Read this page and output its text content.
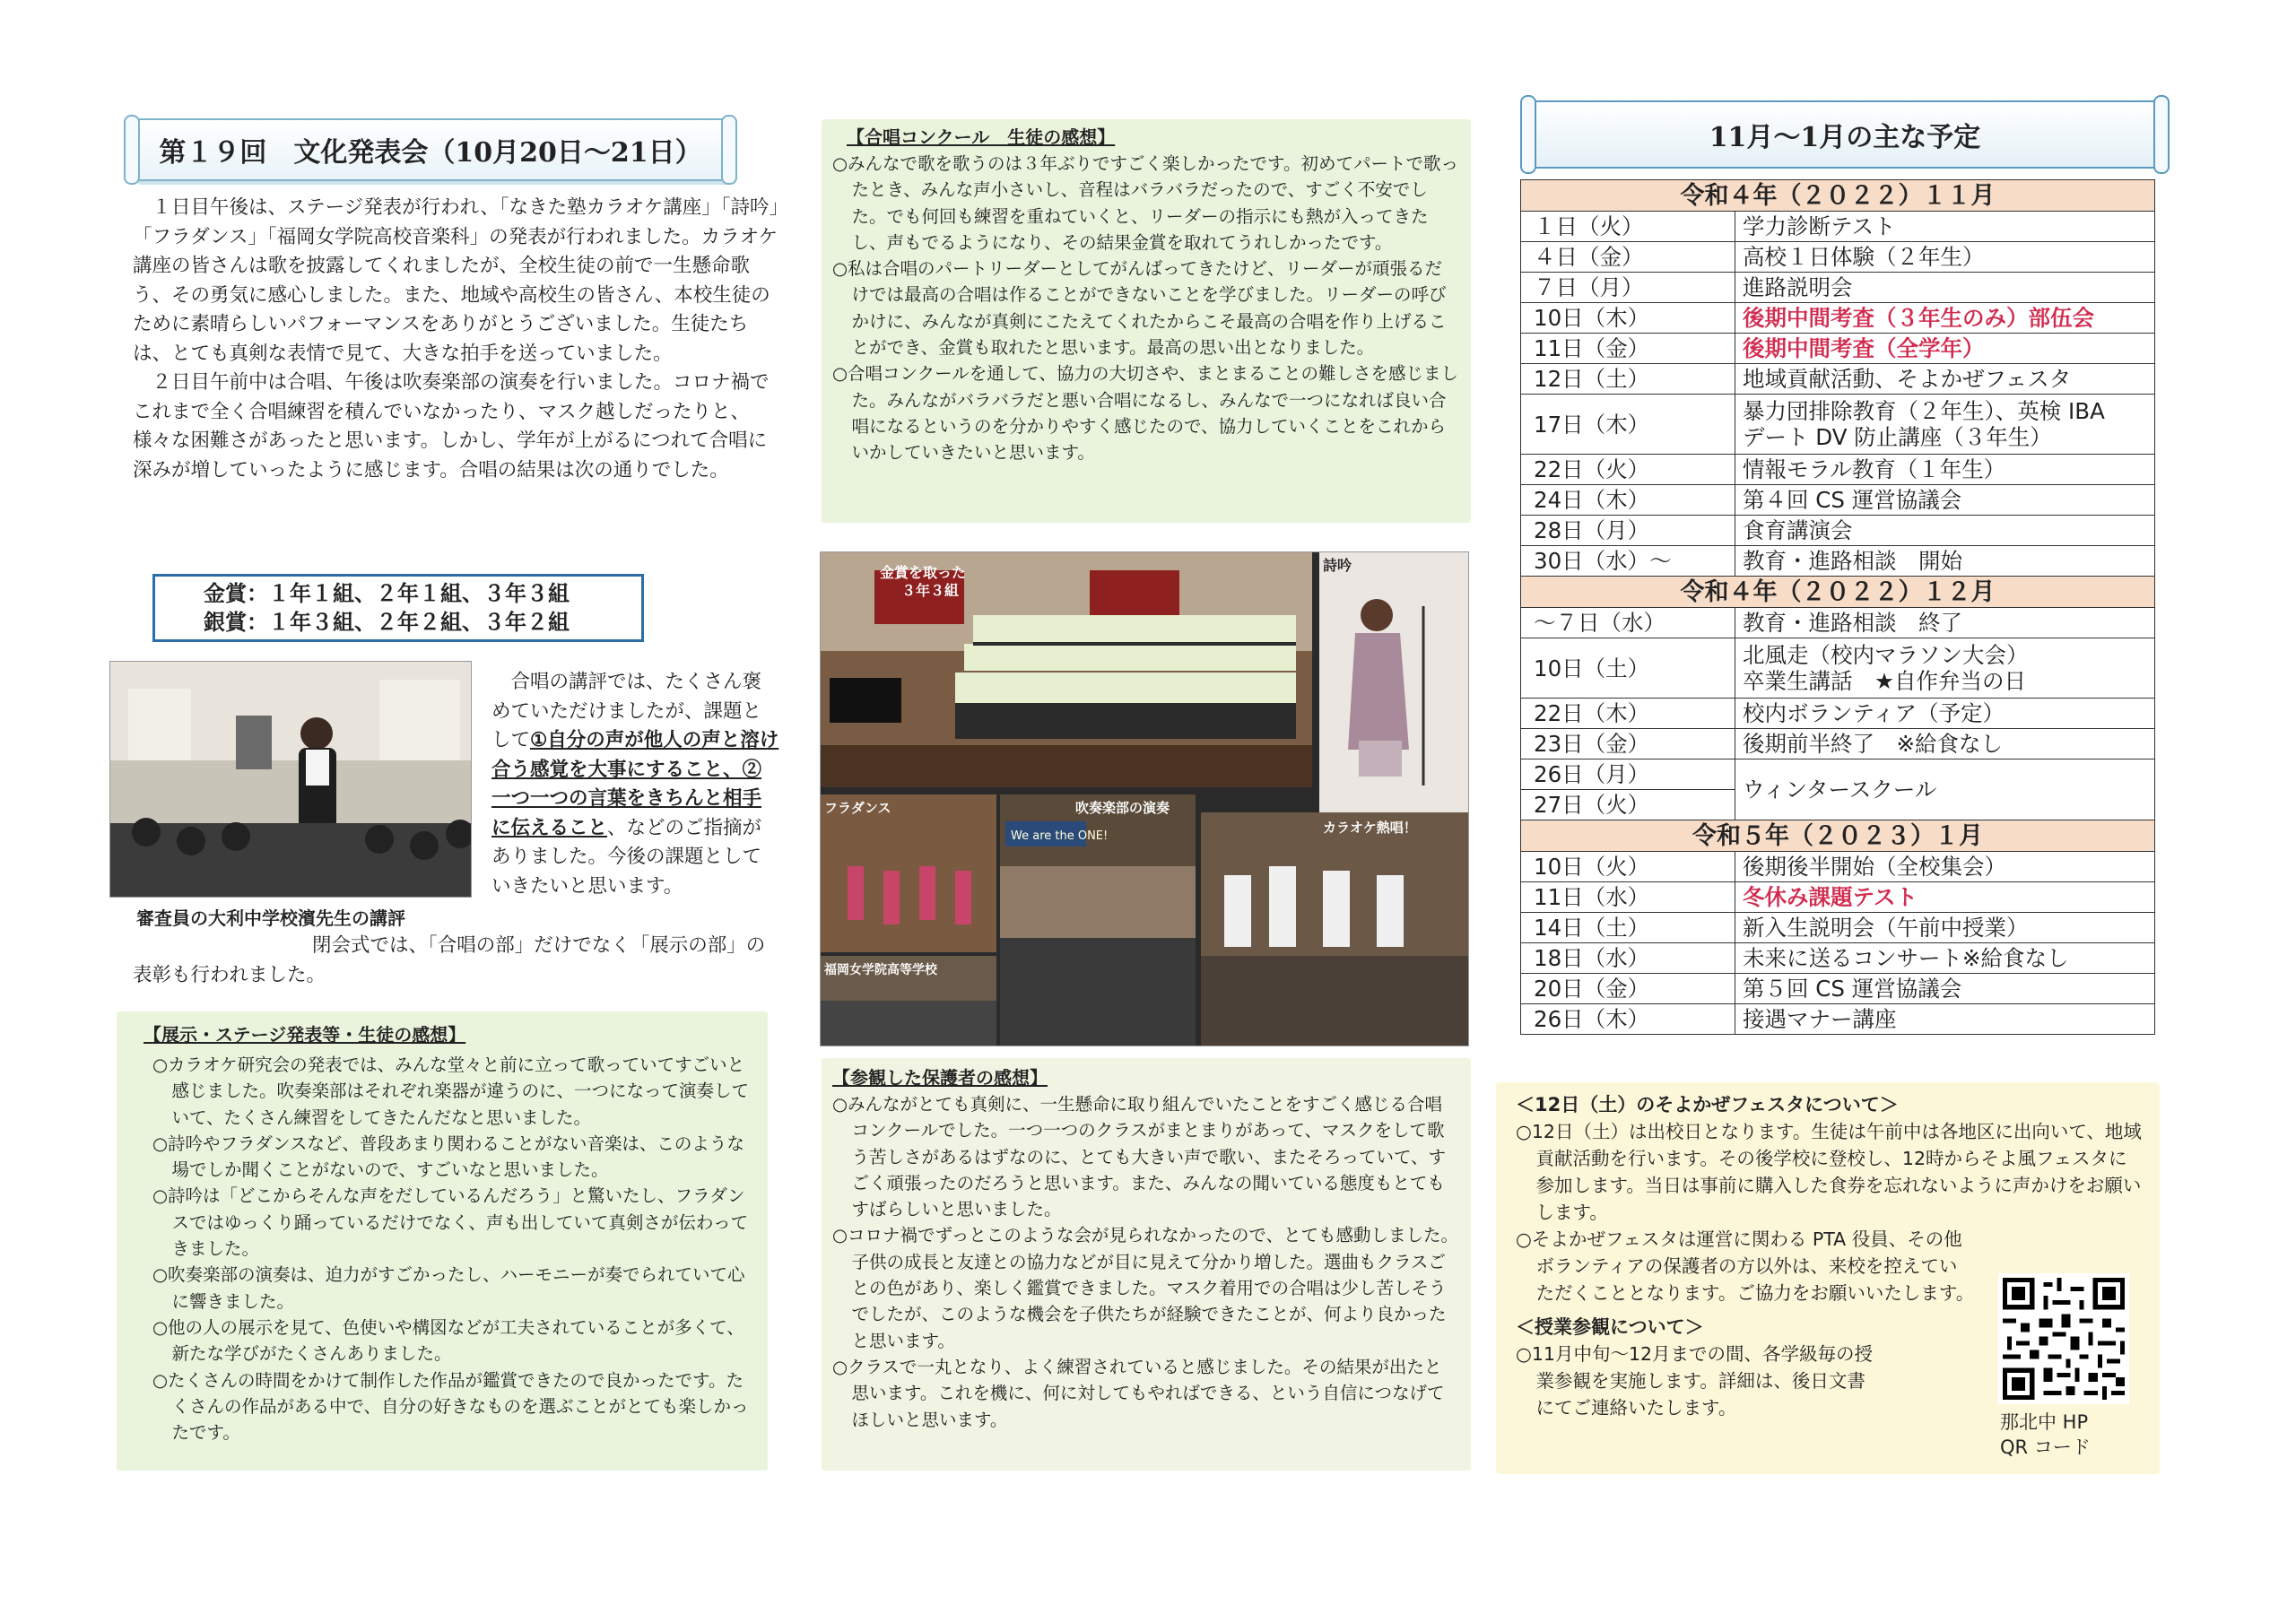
第１９回　文化発表会（10月20日～21日）

１日目午後は、ステージ発表が行われ、「なきた塾カラオケ講座」「詩吟」「フラダンス」「福岡女学院高校音楽科」の発表が行われました。カラオケ講座の皆さんは歌を披露してくれましたが、全校生徒の前で一生懸命歌う、その勇気に感心しました。また、地域や高校生の皆さん、本校生徒のために素晴らしいパフォーマンスをありがとうございました。生徒たちは、とても真剣な表情で見て、大きな拍手を送っていました。

２日目午前中は合唱、午後は吹奏楽部の演奏を行いました。コロナ禍でこれまで全く合唱練習を積んでいなかったり、マスク越しだったりと、様々な困難さがあったと思います。しかし、学年が上がるにつれて合唱に深みが増していったように感じます。合唱の結果は次の通りでした。

金賞：１年１組、２年１組、３年３組
銀賞：１年３組、２年２組、３年２組
審査員の大利中学校濱先生の講評
合唱の講評では、たくさん褒めていただけましたが、課題として①自分の声が他人の声と溶け合う感覚を大事にすること、②一つ一つの言葉をきちんと相手に伝えること、などのご指摘がありました。今後の課題としていきたいと思います。
閉会式では、「合唱の部」だけでなく「展示の部」の表彰も行われました。
【展示・ステージ発表等・生徒の感想】
○ カラオケ研究会の発表では、みんな堂々と前に立って歌っていてすごいと感じました。吹奏楽部はそれぞれ楽器が違うのに、一つになって演奏していて、たくさん練習をしてきたんだなと思いました。
○ 詩吟やフラダンスなど、普段あまり関わることがない音楽は、このような場でしか聞くことがないので、すごいなと思いました。
○ 詩吟は「どこからそんな声をだしているんだろう」と驚いたし、フラダンスではゆっくり踊っているだけでなく、声も出していて真剣さが伝わってきました。
○ 吹奏楽部の演奏は、迫力がすごかったし、ハーモニーが奏でられていて心に響きました。
○ 他の人の展示を見て、色使いや構図などが工夫されていることが多くて、新たな学びがたくさんありました。
○ たくさんの時間をかけて制作した作品が鑑賞できたので良かったです。たくさんの作品がある中で、自分の好きなものを選ぶことがとても楽しかったです。
【合唱コンクール　生徒の感想】
○ みんなで歌を歌うのは３年ぶりですごく楽しかったです。初めてパートで歌ったとき、みんな声小さいし、音程はバラバラだったので、すごく不安でした。でも何回も練習を重ねていくと、リーダーの指示にも熱が入ってきたし、声もでるようになり、その結果金賞を取れてうれしかったです。
○ 私は合唱のパートリーダーとしてがんばってきたけど、リーダーが頑張るだけでは最高の合唱は作ることができないことを学びました。リーダーの呼びかけに、みんなが真剣にこたえてくれたからこそ最高の合唱を作り上げることができ、金賞も取れたと思います。最高の思い出となりました。
○ 合唱コンクールを通して、協力の大切さや、まとまることの難しさを感じました。みんながバラバラだと悪い合唱になるし、みんなで一つになれば良い合唱になるというのを分かりやすく感じたので、協力していくことをこれからいかしていきたいと思います。
金賞を取った
３年３組
詩吟
フラダンス
福岡女学院高等学校
We are the ONE!
吹奏楽部の演奏
カラオケ熱唱！
【参観した保護者の感想】
○ みんながとても真剣に、一生懸命に取り組んでいたことをすごく感じる合唱コンクールでした。一つ一つのクラスがまとまりがあって、マスクをして歌う苦しさがあるはずなのに、とても大きい声で歌い、またそろっていて、すごく頑張ったのだろうと思います。また、みんなの聞いている態度もとてもすばらしいと思いました。
○ コロナ禍でずっとこのような会が見られなかったので、とても感動しました。子供の成長と友達との協力などが目に見えて分かり増した。選曲もクラスごとの色があり、楽しく鑑賞できました。マスク着用での合唱は少し苦しそうでしたが、このような機会を子供たちが経験できたことが、何より良かったと思います。
○ クラスで一丸となり、よく練習されていると感じました。その結果が出たと思います。これを機に、何に対してもやればできる、という自信につなげてほしいと思います。
11月～1月の主な予定
令和４年（２０２２）１１月	
１日（火）	学力診断テスト
４日（金）	高校１日体験（２年生）
７日（月）	進路説明会
10日（木）	後期中間考査（３年生のみ）部伍会
11日（金）	後期中間考査（全学年）
12日（土）	地域貢献活動、そよかぜフェスタ
17日（木）	暴力団排除教育（２年生）、英検 IBA
デート DV 防止講座（３年生）

22日（火）	情報モラル教育（１年生）
24日（木）	第４回 CS 運営協議会
28日（月）	食育講演会
30日（水）～	教育・進路相談　開始
令和４年（２０２２）１２月	
～７日（水）	教育・進路相談　終了
10日（土）	北風走（校内マラソン大会）
卒業生講話　★自作弁当の日

22日（木）	校内ボランティア（予定）
23日（金）	後期前半終了　※給食なし
26日（月）	ウィンタースクール
27日（火）	
令和５年（２０２３）１月	
10日（火）	後期後半開始（全校集会）
11日（水）	冬休み課題テスト
14日（土）	新入生説明会（午前中授業）
18日（水）	未来に送るコンサート※給食なし
20日（金）	第５回 CS 運営協議会
26日（木）	接遇マナー講座
＜12日（土）のそよかぜフェスタについて＞
○ 12日（土）は出校日となります。生徒は午前中は各地区に出向いて、地域貢献活動を行います。その後学校に登校し、12時からそよ風フェスタに参加します。当日は事前に購入した食券を忘れないように声かけをお願いします。
○ そよかぜフェスタは運営に関わる PTA 役員、その他ボランティアの保護者の方以外は、来校を控えていただくこととなります。ご協力をお願いいたします。
＜授業参観について＞
○ 11月中旬～12月までの間、各学級毎の授業参観を実施します。詳細は、後日文書にてご連絡いたします。
那北中 HP
QR コード
